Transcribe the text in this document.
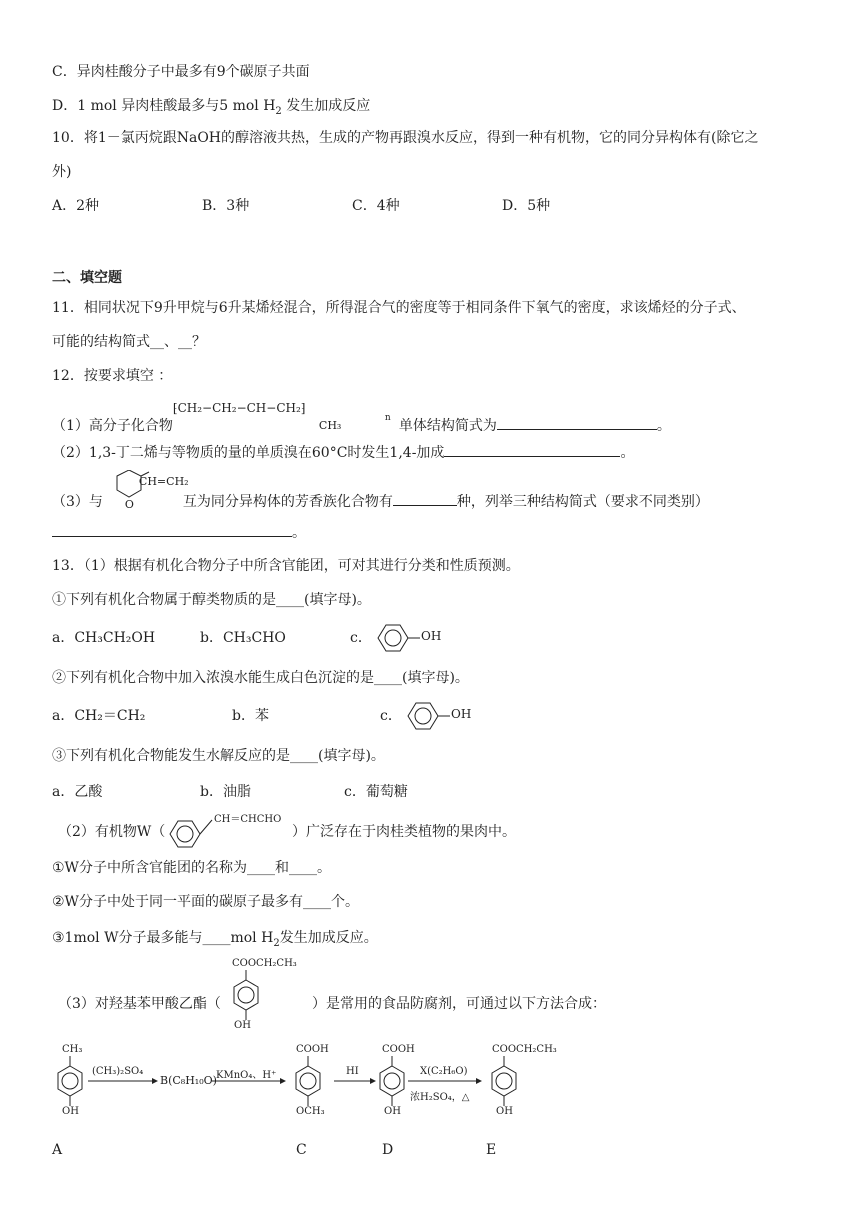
C．异肉桂酸分子中最多有9个碳原子共面
D．1 mol 异肉桂酸最多与5 mol $H_2$ 发生加成反应
10．将1－氯丙烷跟NaOH的醇溶液共热，生成的产物再跟溴水反应，得到一种有机物，它的同分异构体有(除它之
外)
A．2种	B．3种	C．4种	D．5种
二、填空题
11．相同状况下9升甲烷与6升某烯烃混合，所得混合气的密度等于相同条件下氧气的密度，求该烯烃的分子式、
可能的结构简式__、__？
12．按要求填空 ：
（1）高分子化合物
⁅CH₂−CH₂−CH−CH₂⁆
n
CH₃	单体结构简式为	。
（2）1,3-丁二烯与等物质的量的单质溴在60°C时发生1,4-加成	。
（3）与
CH=CH₂
O	互为同分异构体的芳香族化合物有	种，列举三种结构简式（要求不同类别）
。
13．（1）根据有机化合物分子中所含官能团，可对其进行分类和性质预测。
①下列有机化合物属于醇类物质的是____(填字母)。
a．CH₃CH₂OH	b．CH₃CHO	c．	OH
②下列有机化合物中加入浓溴水能生成白色沉淀的是____(填字母)。
a．CH₂＝CH₂	b．苯	c．	OH
③下列有机化合物能发生水解反应的是____(填字母)。
a．乙酸	b．油脂	c．葡萄糖
（2）有机物W（
CH＝CHCHO
）广泛存在于肉桂类植物的果肉中。
①W分子中所含官能团的名称为____和____。
②W分子中处于同一平面的碳原子最多有____个。
③1mol W分子最多能与____mol $H_2$发生加成反应。
（3）对羟基苯甲酸乙酯（
COOCH₂CH₃
OH
）是常用的食品防腐剂，可通过以下方法合成：
CH₃
OH
(CH₃)₂SO₄
B(C₈H₁₀O) KMnO₄、H⁺
COOH
OCH₃
HI
COOH
OH
X(C₂H₆O)
浓H₂SO₄，△
COOCH₂CH₃
OH
A	C	D	E
